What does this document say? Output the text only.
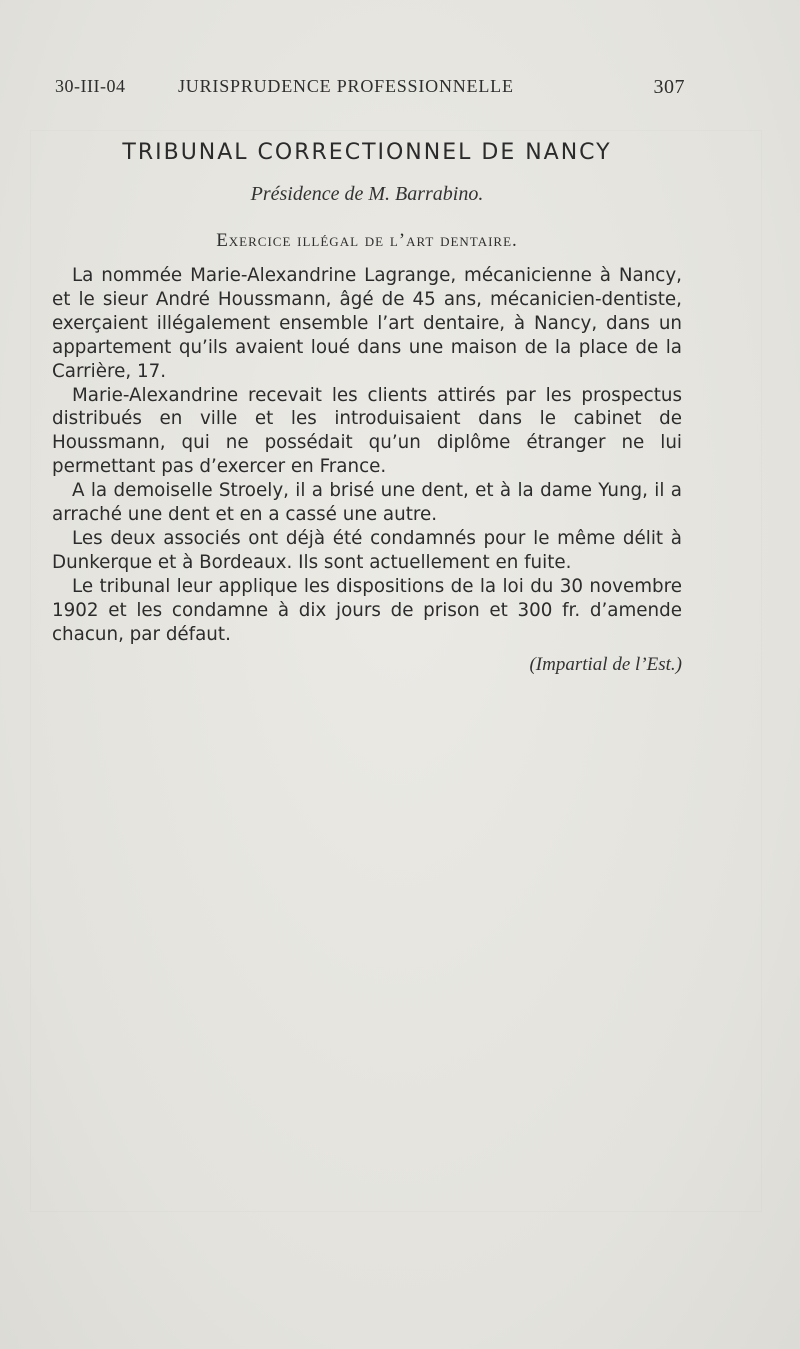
30-III-04	JURISPRUDENCE PROFESSIONNELLE	307
TRIBUNAL CORRECTIONNEL DE NANCY
Présidence de M. Barrabino.
Exercice illégal de l’art dentaire.

La nommée Marie-Alexandrine Lagrange, mécanicienne à Nancy, et le sieur André Houssmann, âgé de 45 ans, mécanicien-dentiste, exerçaient illégalement ensemble l’art dentaire, à Nancy, dans un appartement qu’ils avaient loué dans une maison de la place de la Carrière, 17.

Marie-Alexandrine recevait les clients attirés par les prospectus distribués en ville et les introduisaient dans le cabinet de Houssmann, qui ne possédait qu’un diplôme étranger ne lui permettant pas d’exercer en France.

A la demoiselle Stroely, il a brisé une dent, et à la dame Yung, il a arraché une dent et en a cassé une autre.

Les deux associés ont déjà été condamnés pour le même délit à Dunkerque et à Bordeaux. Ils sont actuellement en fuite.

Le tribunal leur applique les dispositions de la loi du 30 novembre 1902 et les condamne à dix jours de prison et 300 fr. d’amende chacun, par défaut.

(Impartial de l’Est.)
